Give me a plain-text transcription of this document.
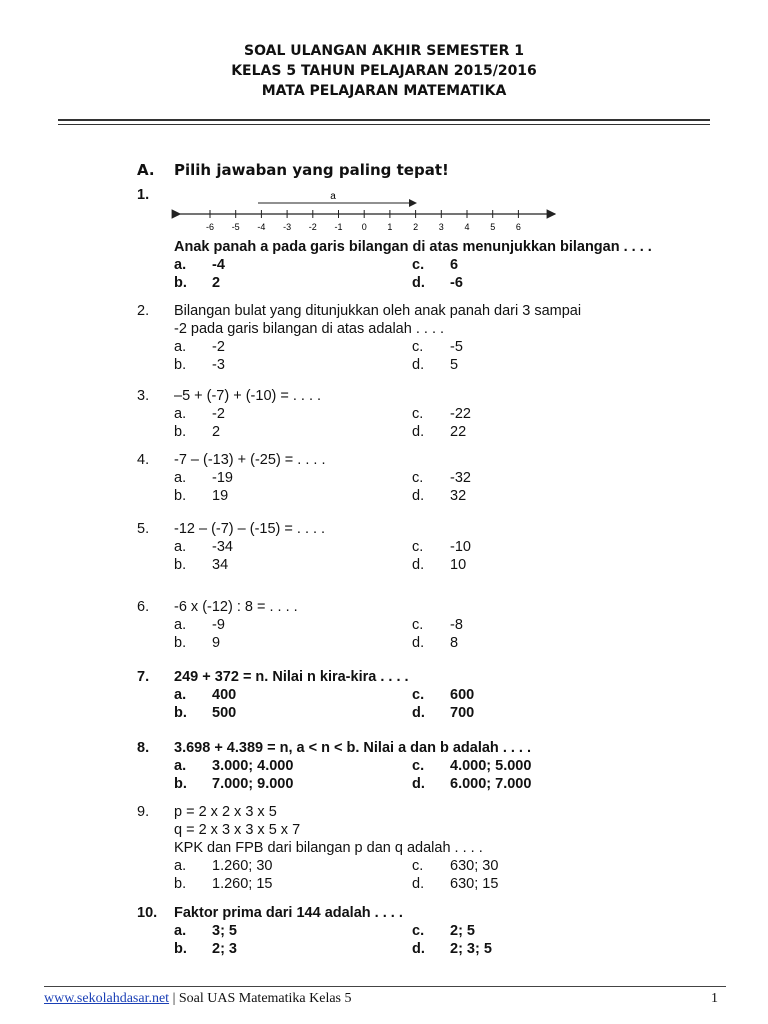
SOAL ULANGAN AKHIR SEMESTER 1
KELAS 5 TAHUN PELAJARAN 2015/2016
MATA PELAJARAN MATEMATIKA
A. Pilih jawaban yang paling tepat!
-6 -5 -4 -3 -2 -1 0 1 2 3 4 5 6
a
1.
Anak panah a pada garis bilangan di atas menunjukkan bilangan . . . .
a. -4	c. 6
b. 2	d. -6
2. Bilangan bulat yang ditunjukkan oleh anak panah dari 3 sampai
-2 pada garis bilangan di atas adalah . . . .
a. -2	c. -5
b. -3	d. 5
3. –5 + (-7) + (-10) = . . . .
a. -2	c. -22
b. 2	d. 22
4. -7 – (-13) + (-25) = . . . .
a. -19	c. -32
b. 19	d. 32
5. -12 – (-7) – (-15) = . . . .
a. -34	c. -10
b. 34	d. 10
6. -6 x (-12) : 8 = . . . .
a. -9	c. -8
b. 9	d. 8
7. 249 + 372 = n. Nilai n kira-kira . . . .
a. 400	c. 600
b. 500	d. 700
8. 3.698 + 4.389 = n, a < n < b. Nilai a dan b adalah . . . .
a. 3.000; 4.000	c. 4.000; 5.000
b. 7.000; 9.000	d. 6.000; 7.000
9. p = 2 x 2 x 3 x 5
q = 2 x 3 x 3 x 5 x 7
KPK dan FPB dari bilangan p dan q adalah . . . .
a. 1.260; 30	c. 630; 30
b. 1.260; 15	d. 630; 15
10. Faktor prima dari 144 adalah . . . .
a. 3; 5	c. 2; 5
b. 2; 3	d. 2; 3; 5
www.sekolahdasar.net | Soal UAS Matematika Kelas 5	1
